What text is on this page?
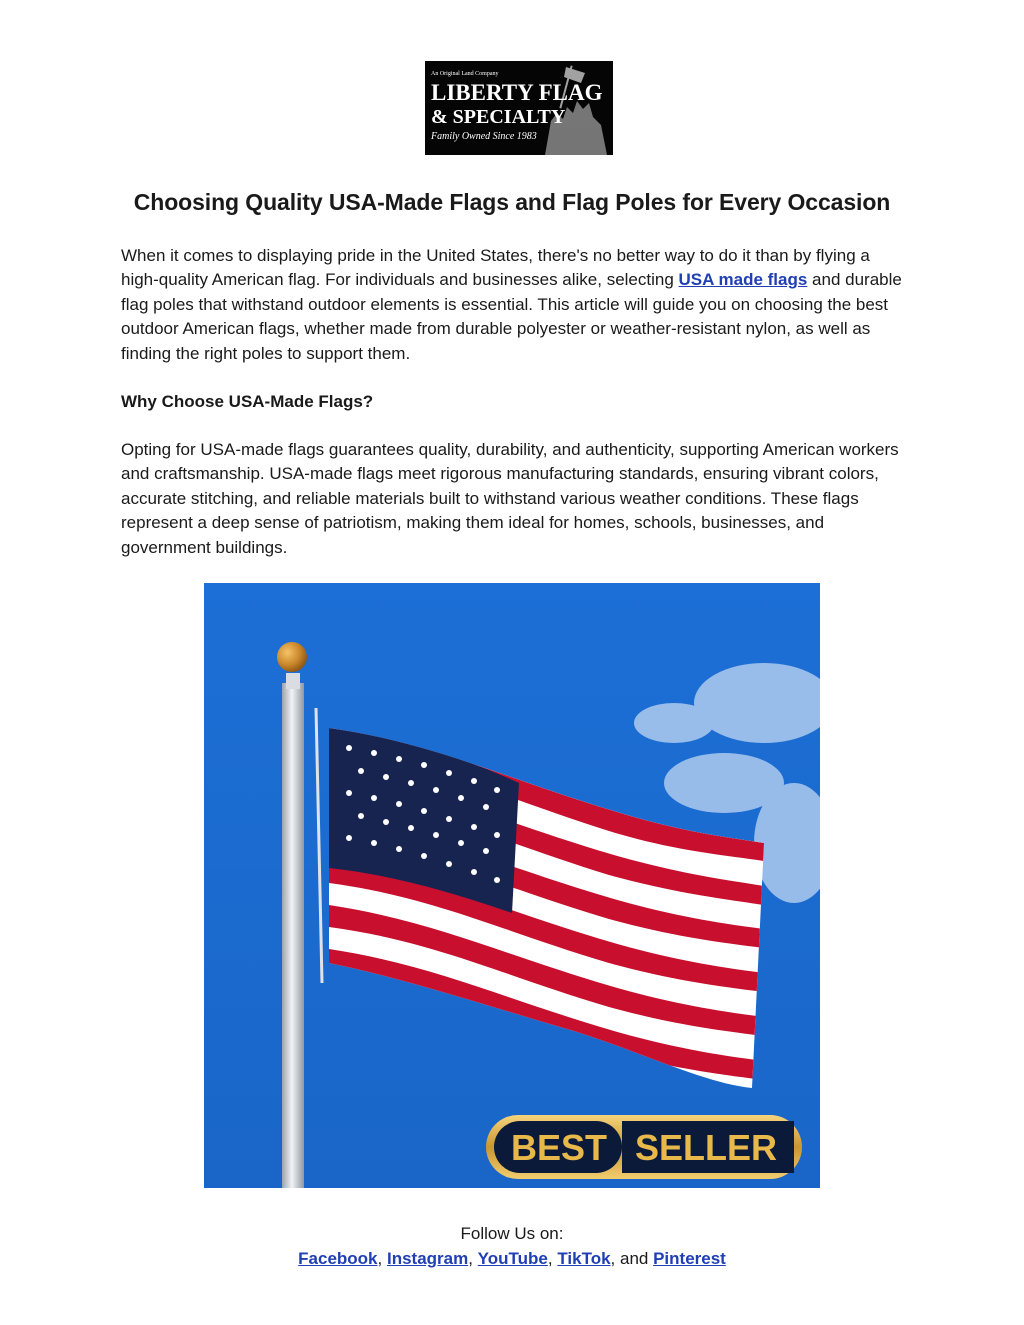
An Original Land Company
LIBERTY FLAG
& SPECIALTY
Family Owned Since 1983
Choosing Quality USA-Made Flags and Flag Poles for Every Occasion

When it comes to displaying pride in the United States, there's no better way to do it than by flying a high-quality American flag. For individuals and businesses alike, selecting USA made flags and durable flag poles that withstand outdoor elements is essential. This article will guide you on choosing the best outdoor American flags, whether made from durable polyester or weather-resistant nylon, as well as finding the right poles to support them.

Why Choose USA-Made Flags?

Opting for USA-made flags guarantees quality, durability, and authenticity, supporting American workers and craftsmanship. USA-made flags meet rigorous manufacturing standards, ensuring vibrant colors, accurate stitching, and reliable materials built to withstand various weather conditions. These flags represent a deep sense of patriotism, making them ideal for homes, schools, businesses, and government buildings.

BEST SELLER

Follow Us on:

Facebook, Instagram, YouTube, TikTok, and Pinterest
